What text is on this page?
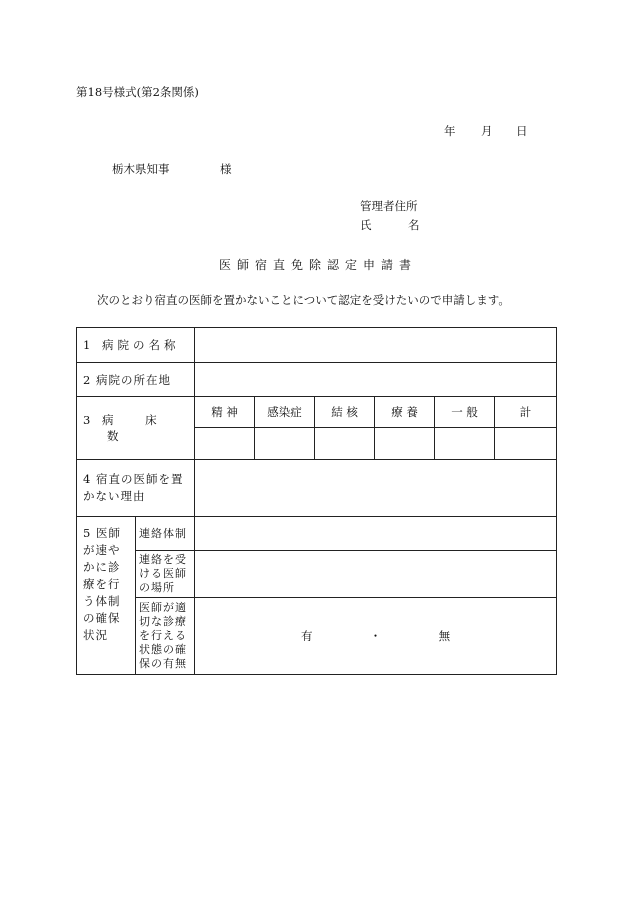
第18号様式(第2条関係)
年 月 日
栃木県知事	様
管理者住所
氏	名
医師宿直免除認定申請書
次のとおり宿直の医師を置かないことについて認定を受けたいので申請します。
1 病院の名称							
2 病院の所在地							
3 病 床 数		精 神	感染症	結 核	療 養	一 般	計

4 宿直の医師を置かない理由							
5 医師が速やかに診療を行う体制の確保状況	連絡体制						
	連絡を受ける医師の場所						
	医師が適切な診療を行える状態の確保の有無	有 ・ 無					
